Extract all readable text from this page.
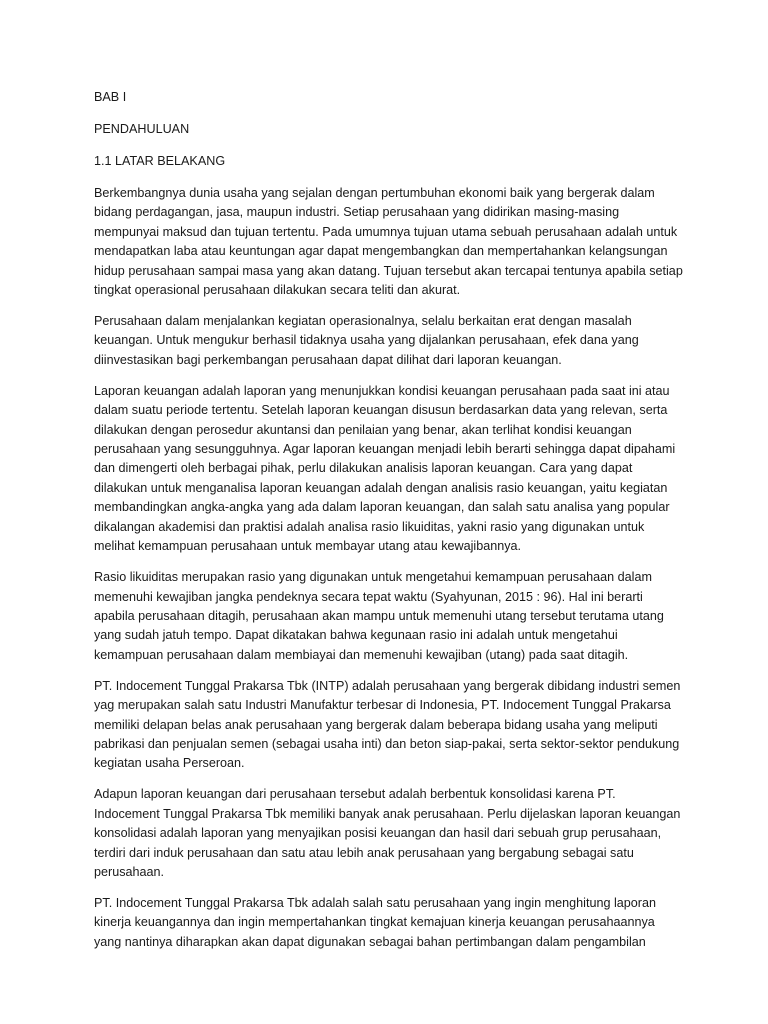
BAB I

PENDAHULUAN

1.1 LATAR BELAKANG

Berkembangnya dunia usaha yang sejalan dengan pertumbuhan ekonomi baik yang bergerak dalam bidang perdagangan, jasa, maupun industri. Setiap perusahaan yang didirikan masing-masing mempunyai maksud dan tujuan tertentu. Pada umumnya tujuan utama sebuah perusahaan adalah untuk mendapatkan laba atau keuntungan agar dapat mengembangkan dan mempertahankan kelangsungan hidup perusahaan sampai masa yang akan datang. Tujuan tersebut akan tercapai tentunya apabila setiap tingkat operasional perusahaan dilakukan secara teliti dan akurat.

Perusahaan dalam menjalankan kegiatan operasionalnya, selalu berkaitan erat dengan masalah keuangan. Untuk mengukur berhasil tidaknya usaha yang dijalankan perusahaan, efek dana yang diinvestasikan bagi perkembangan perusahaan dapat dilihat dari laporan keuangan.

Laporan keuangan adalah laporan yang menunjukkan kondisi keuangan perusahaan pada saat ini atau dalam suatu periode tertentu. Setelah laporan keuangan disusun berdasarkan data yang relevan, serta dilakukan dengan perosedur akuntansi dan penilaian yang benar, akan terlihat kondisi keuangan perusahaan yang sesungguhnya. Agar laporan keuangan menjadi lebih berarti sehingga dapat dipahami dan dimengerti oleh berbagai pihak, perlu dilakukan analisis laporan keuangan. Cara yang dapat dilakukan untuk menganalisa laporan keuangan adalah dengan analisis rasio keuangan, yaitu kegiatan membandingkan angka-angka yang ada dalam laporan keuangan, dan salah satu analisa yang popular dikalangan akademisi dan praktisi adalah analisa rasio likuiditas, yakni rasio yang digunakan untuk melihat kemampuan perusahaan untuk membayar utang atau kewajibannya.

Rasio likuiditas merupakan rasio yang digunakan untuk mengetahui kemampuan perusahaan dalam memenuhi kewajiban jangka pendeknya secara tepat waktu (Syahyunan, 2015 : 96). Hal ini berarti apabila perusahaan ditagih, perusahaan akan mampu untuk memenuhi utang tersebut terutama utang yang sudah jatuh tempo. Dapat dikatakan bahwa kegunaan rasio ini adalah untuk mengetahui kemampuan perusahaan dalam membiayai dan memenuhi kewajiban (utang) pada saat ditagih.

PT. Indocement Tunggal Prakarsa Tbk (INTP) adalah perusahaan yang bergerak dibidang industri semen yag merupakan salah satu Industri Manufaktur terbesar di Indonesia, PT. Indocement Tunggal Prakarsa memiliki delapan belas anak perusahaan yang bergerak dalam beberapa bidang usaha yang meliputi pabrikasi dan penjualan semen (sebagai usaha inti) dan beton siap-pakai, serta sektor-sektor pendukung kegiatan usaha Perseroan.

Adapun laporan keuangan dari perusahaan tersebut adalah berbentuk konsolidasi karena PT. Indocement Tunggal Prakarsa Tbk memiliki banyak anak perusahaan. Perlu dijelaskan laporan keuangan konsolidasi adalah laporan yang menyajikan posisi keuangan dan hasil dari sebuah grup perusahaan, terdiri dari induk perusahaan dan satu atau lebih anak perusahaan yang bergabung sebagai satu perusahaan.

PT. Indocement Tunggal Prakarsa Tbk adalah salah satu perusahaan yang ingin menghitung laporan kinerja keuangannya dan ingin mempertahankan tingkat kemajuan kinerja keuangan perusahaannya yang nantinya diharapkan akan dapat digunakan sebagai bahan pertimbangan dalam pengambilan
